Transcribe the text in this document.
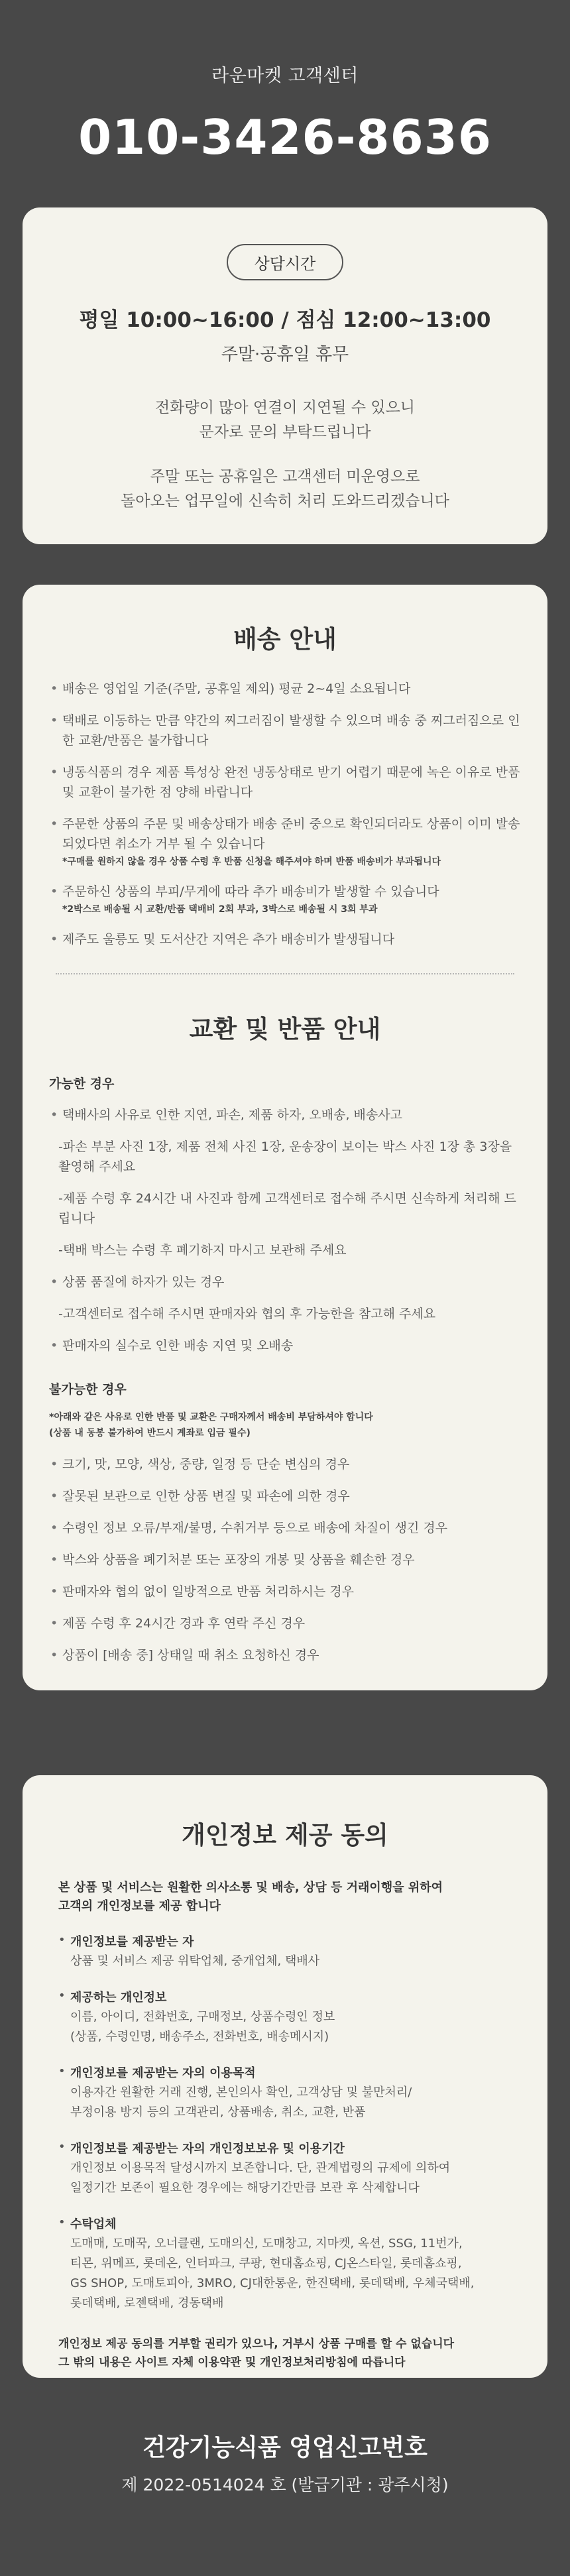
라운마켓 고객센터
010-3426-8636
상담시간
평일 10:00~16:00 / 점심 12:00~13:00
주말·공휴일 휴무
전화량이 많아 연결이 지연될 수 있으니
문자로 문의 부탁드립니다
주말 또는 공휴일은 고객센터 미운영으로
돌아오는 업무일에 신속히 처리 도와드리겠습니다
배송 안내
• 배송은 영업일 기준(주말, 공휴일 제외) 평균 2~4일 소요됩니다
• 택배로 이동하는 만큼 약간의 찌그러짐이 발생할 수 있으며 배송 중 찌그러짐으로 인한 교환/반품은 불가합니다
• 냉동식품의 경우 제품 특성상 완전 냉동상태로 받기 어렵기 때문에 녹은 이유로 반품 및 교환이 불가한 점 양해 바랍니다
• 주문한 상품의 주문 및 배송상태가 배송 준비 중으로 확인되더라도 상품이 이미 발송되었다면 취소가 거부 될 수 있습니다
*구매를 원하지 않을 경우 상품 수령 후 반품 신청을 해주셔야 하며 반품 배송비가 부과됩니다
• 주문하신 상품의 부피/무게에 따라 추가 배송비가 발생할 수 있습니다
*2박스로 배송될 시 교환/반품 택배비 2회 부과, 3박스로 배송될 시 3회 부과
• 제주도 울릉도 및 도서산간 지역은 추가 배송비가 발생됩니다
교환 및 반품 안내
가능한 경우
• 택배사의 사유로 인한 지연, 파손, 제품 하자, 오배송, 배송사고
-파손 부분 사진 1장, 제품 전체 사진 1장, 운송장이 보이는 박스 사진 1장 총 3장을 촬영해 주세요
-제품 수령 후 24시간 내 사진과 함께 고객센터로 접수해 주시면 신속하게 처리해 드립니다
-택배 박스는 수령 후 폐기하지 마시고 보관해 주세요
• 상품 품질에 하자가 있는 경우
-고객센터로 접수해 주시면 판매자와 협의 후 가능한을 참고해 주세요
• 판매자의 실수로 인한 배송 지연 및 오배송
불가능한 경우
*아래와 같은 사유로 인한 반품 및 교환은 구매자께서 배송비 부담하셔야 합니다
(상품 내 동봉 불가하여 반드시 계좌로 입금 필수)
• 크기, 맛, 모양, 색상, 중량, 일정 등 단순 변심의 경우
• 잘못된 보관으로 인한 상품 변질 및 파손에 의한 경우
• 수령인 정보 오류/부재/불명, 수취거부 등으로 배송에 차질이 생긴 경우
• 박스와 상품을 폐기처분 또는 포장의 개봉 및 상품을 훼손한 경우
• 판매자와 협의 없이 일방적으로 반품 처리하시는 경우
• 제품 수령 후 24시간 경과 후 연락 주신 경우
• 상품이 [배송 중] 상태일 때 취소 요청하신 경우
개인정보 제공 동의
본 상품 및 서비스는 원활한 의사소통 및 배송, 상담 등 거래이행을 위하여
고객의 개인정보를 제공 합니다
• 개인정보를 제공받는 자
상품 및 서비스 제공 위탁업체, 중개업체, 택배사
• 제공하는 개인정보
이름, 아이디, 전화번호, 구매정보, 상품수령인 정보
(상품, 수령인명, 배송주소, 전화번호, 배송메시지)
• 개인정보를 제공받는 자의 이용목적
이용자간 원활한 거래 진행, 본인의사 확인, 고객상담 및 불만처리/
부정이용 방지 등의 고객관리, 상품배송, 취소, 교환, 반품
• 개인정보를 제공받는 자의 개인정보보유 및 이용기간
개인정보 이용목적 달성시까지 보존합니다. 단, 관계법령의 규제에 의하여
일정기간 보존이 필요한 경우에는 해당기간만큼 보관 후 삭제합니다
• 수탁업체
도매매, 도매꾹, 오너클랜, 도매의신, 도매창고, 지마켓, 옥션, SSG, 11번가,
티몬, 위메프, 롯데온, 인터파크, 쿠팡, 현대홈쇼핑, CJ온스타일, 롯데홈쇼핑,
GS SHOP, 도매토피아, 3MRO, CJ대한통운, 한진택배, 롯데택배, 우체국택배,
롯데택배, 로젠택배, 경동택배
개인정보 제공 동의를 거부할 권리가 있으나, 거부시 상품 구매를 할 수 없습니다
그 밖의 내용은 사이트 자체 이용약관 및 개인정보처리방침에 따릅니다
건강기능식품 영업신고번호
제 2022-0514024 호 (발급기관 : 광주시청)
